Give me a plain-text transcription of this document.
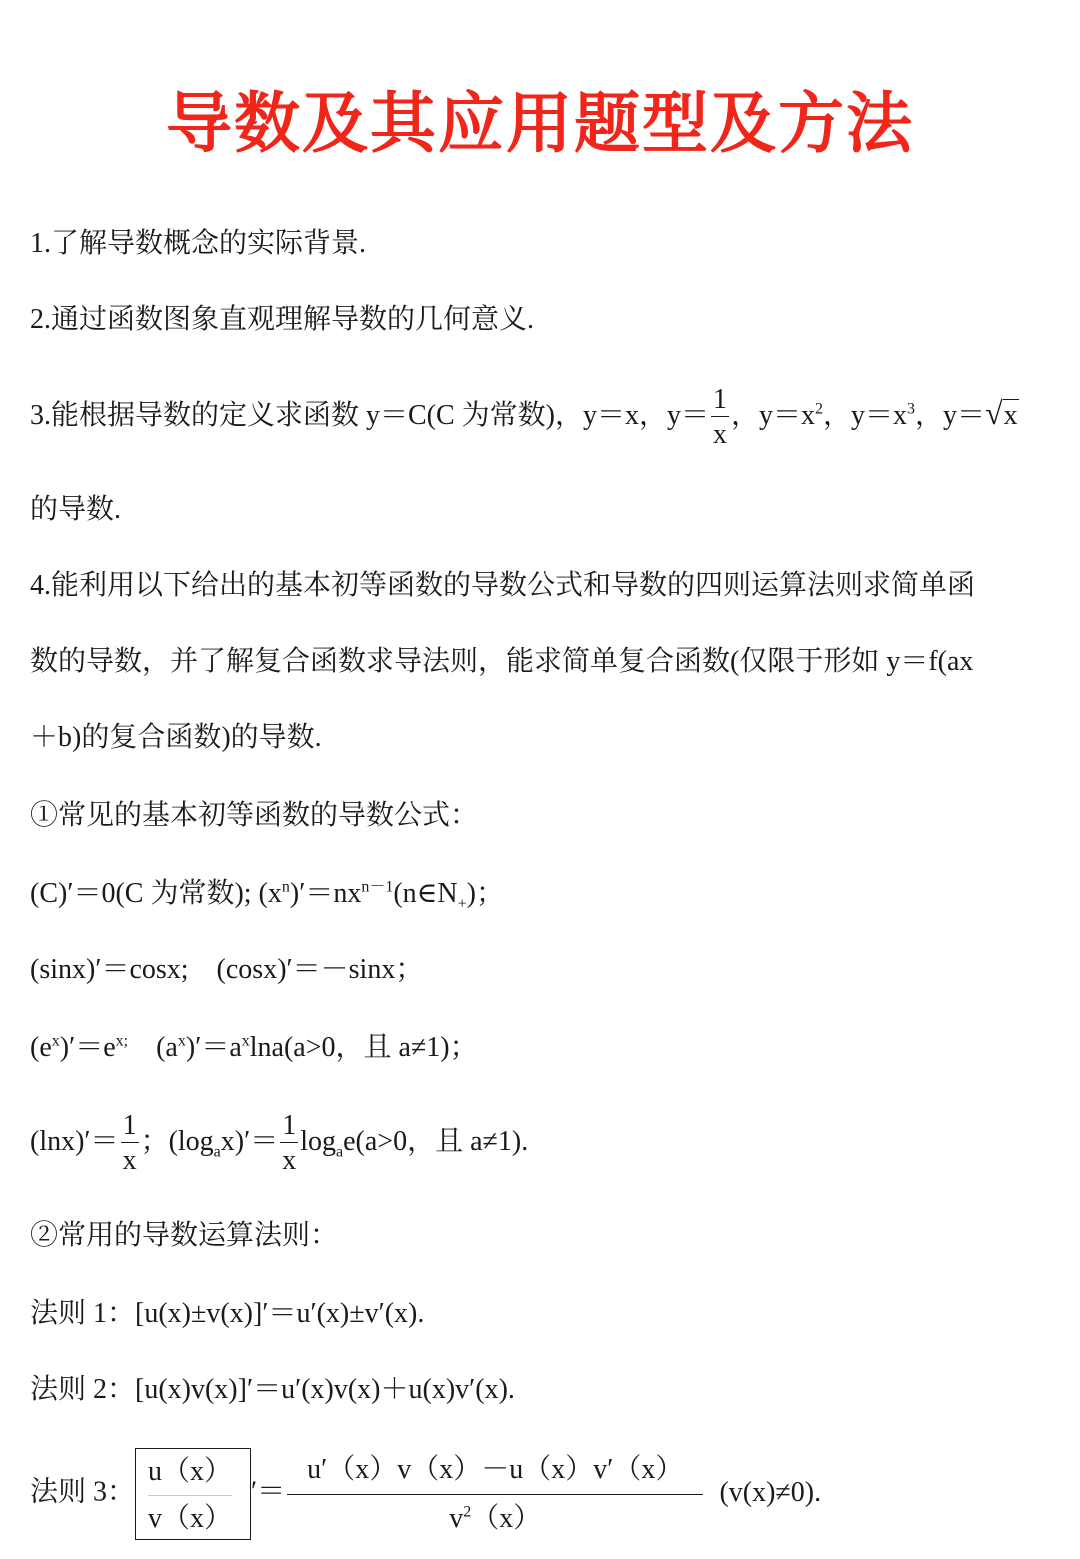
导数及其应用题型及方法
1.了解导数概念的实际背景.
2.通过函数图象直观理解导数的几何意义.
3.能根据导数的定义求函数 y＝C(C 为常数)，y＝x，$y= \frac{1}{x}$ ，$y=x^2$，$y=x^3$，y＝√x
的导数.
4.能利用以下给出的基本初等函数的导数公式和导数的四则运算法则求简单函
数的导数，并了解复合函数求导法则，能求简单复合函数(仅限于形如 y＝f(ax
＋b)的复合函数)的导数.
①常见的基本初等函数的导数公式：
(C)′＝0(C 为常数); $(x^n)'=nx^{n-1}(n\in N_+)$；
(sinx)′＝cosx;　(cosx)′＝－sinx；
$(e^x)'=e^{x;}$　$(a^x)'=a^x\ln a(a>0$，且 a≠1)；
$(\ln x)'= \frac{1}{x}$ ；$(\log_ax)'= \frac{1}{x} \log_ae(a>0$，且 a≠1).
②常用的导数运算法则：
法则 1：[u(x)±v(x)]′＝u′(x)±v′(x).
法则 2：[u(x)v(x)]′＝u′(x)v(x)＋u(x)v′(x).
法则 3： $\frac{u(x)}{v(x)}$ ′＝ $\frac{u'(x)v(x)-u(x)v'(x)}{v^2(x)} (v(x)\ne 0)$.
